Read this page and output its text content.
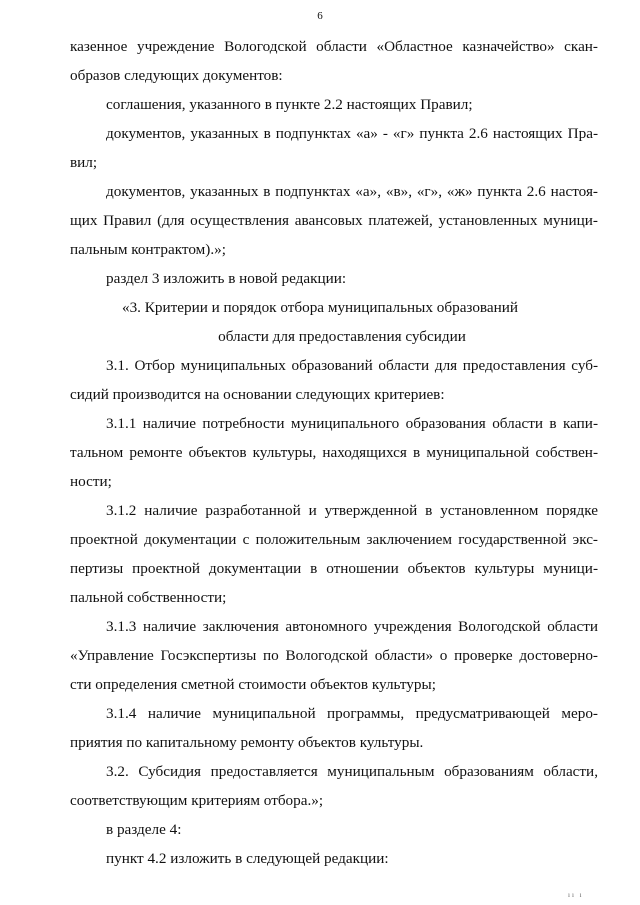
6
казенное учреждение Вологодской области «Областное казначейство» скан-
образов следующих документов:
соглашения, указанного в пункте 2.2 настоящих Правил;
документов, указанных в подпунктах «а» - «г» пункта 2.6 настоящих Пра-
вил;
документов, указанных в подпунктах «а», «в», «г», «ж» пункта 2.6 настоя-
щих Правил (для осуществления авансовых платежей, установленных муници-
пальным контрактом).»;
раздел 3 изложить в новой редакции:
«3. Критерии и порядок отбора муниципальных образований
области для предоставления субсидии
3.1. Отбор муниципальных образований области для предоставления суб-
сидий производится на основании следующих критериев:
3.1.1 наличие потребности муниципального образования области в капи-
тальном ремонте объектов культуры, находящихся в муниципальной собствен-
ности;
3.1.2 наличие разработанной и утвержденной в установленном порядке
проектной документации с положительным заключением государственной экс-
пертизы проектной документации в отношении объектов культуры муници-
пальной собственности;
3.1.3 наличие заключения автономного учреждения Вологодской области
«Управление Госэкспертизы по Вологодской области» о проверке достоверно-
сти определения сметной стоимости объектов культуры;
3.1.4 наличие муниципальной программы, предусматривающей меро-
приятия по капитальному ремонту объектов культуры.
3.2. Субсидия предоставляется муниципальным образованиям области,
соответствующим критериям отбора.»;
в разделе 4:
пункт 4.2 изложить в следующей редакции:
ıı ı
